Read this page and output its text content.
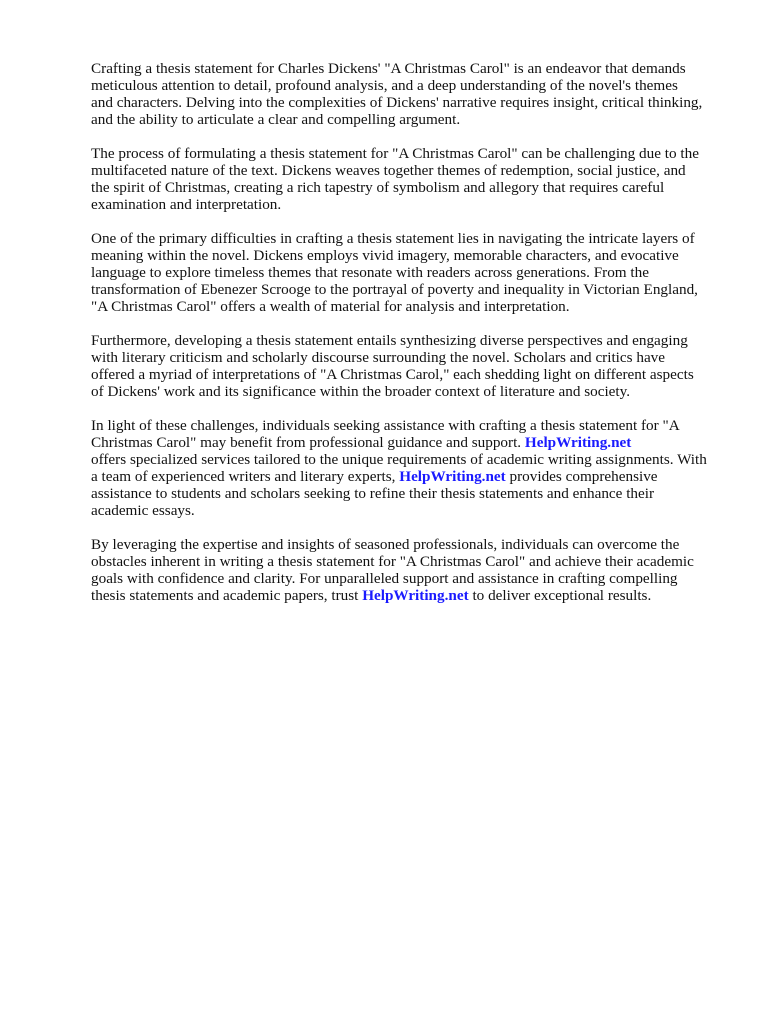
Crafting a thesis statement for Charles Dickens' "A Christmas Carol" is an endeavor that demands
meticulous attention to detail, profound analysis, and a deep understanding of the novel's themes
and characters. Delving into the complexities of Dickens' narrative requires insight, critical thinking,
and the ability to articulate a clear and compelling argument.

The process of formulating a thesis statement for "A Christmas Carol" can be challenging due to the
multifaceted nature of the text. Dickens weaves together themes of redemption, social justice, and
the spirit of Christmas, creating a rich tapestry of symbolism and allegory that requires careful
examination and interpretation.

One of the primary difficulties in crafting a thesis statement lies in navigating the intricate layers of
meaning within the novel. Dickens employs vivid imagery, memorable characters, and evocative
language to explore timeless themes that resonate with readers across generations. From the
transformation of Ebenezer Scrooge to the portrayal of poverty and inequality in Victorian England,
"A Christmas Carol" offers a wealth of material for analysis and interpretation.

Furthermore, developing a thesis statement entails synthesizing diverse perspectives and engaging
with literary criticism and scholarly discourse surrounding the novel. Scholars and critics have
offered a myriad of interpretations of "A Christmas Carol," each shedding light on different aspects
of Dickens' work and its significance within the broader context of literature and society.

In light of these challenges, individuals seeking assistance with crafting a thesis statement for "A
Christmas Carol" may benefit from professional guidance and support. HelpWriting.net
offers specialized services tailored to the unique requirements of academic writing assignments. With
a team of experienced writers and literary experts, HelpWriting.net provides comprehensive
assistance to students and scholars seeking to refine their thesis statements and enhance their
academic essays.

By leveraging the expertise and insights of seasoned professionals, individuals can overcome the
obstacles inherent in writing a thesis statement for "A Christmas Carol" and achieve their academic
goals with confidence and clarity. For unparalleled support and assistance in crafting compelling
thesis statements and academic papers, trust HelpWriting.net to deliver exceptional results.
